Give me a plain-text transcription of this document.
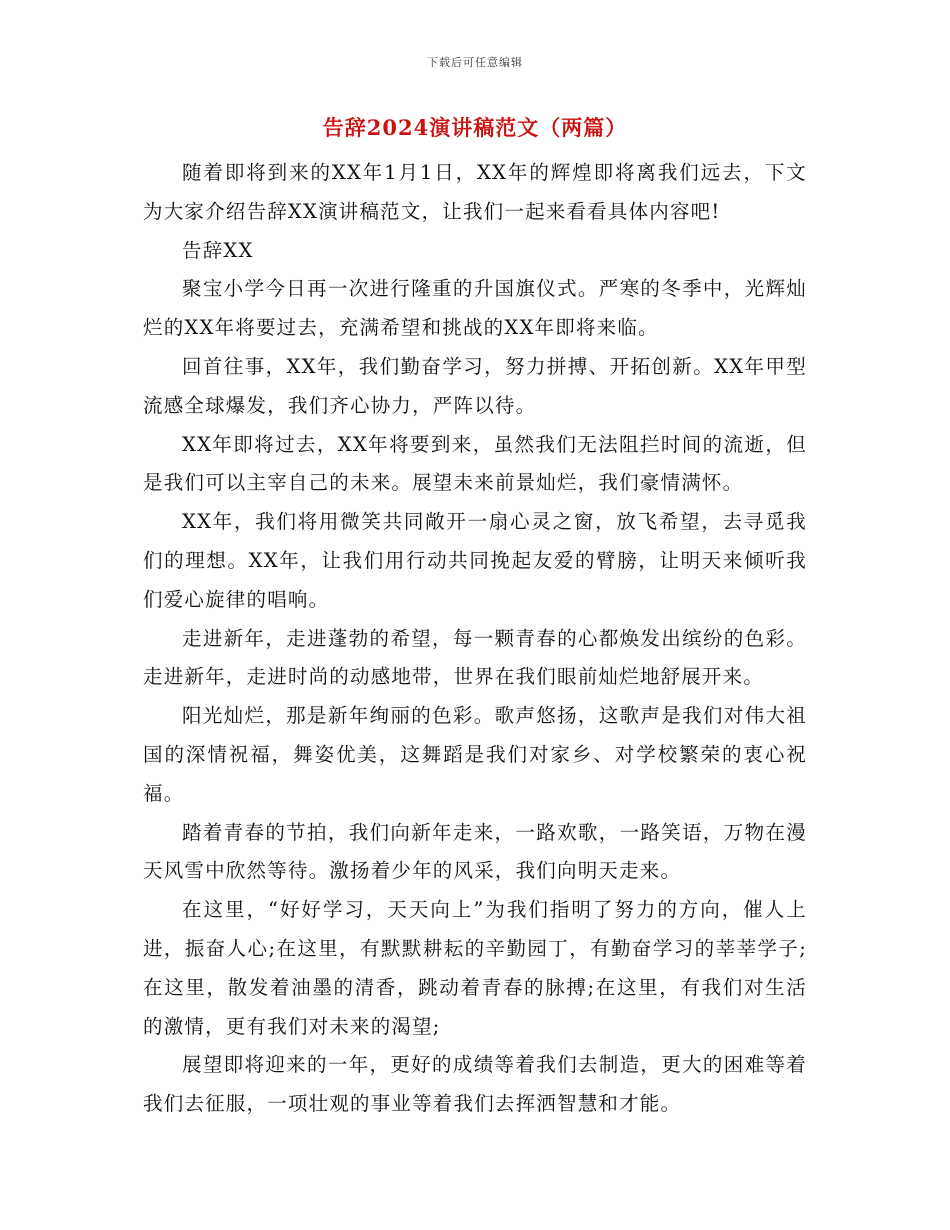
下载后可任意编辑
告辞2024演讲稿范文（两篇）

随着即将到来的XX年1月1日，XX年的辉煌即将离我们远去，下文为大家介绍告辞XX演讲稿范文，让我们一起来看看具体内容吧!

告辞XX

聚宝小学今日再一次进行隆重的升国旗仪式。严寒的冬季中，光辉灿烂的XX年将要过去，充满希望和挑战的XX年即将来临。

回首往事，XX年，我们勤奋学习，努力拼搏、开拓创新。XX年甲型流感全球爆发，我们齐心协力，严阵以待。

XX年即将过去，XX年将要到来，虽然我们无法阻拦时间的流逝，但是我们可以主宰自己的未来。展望未来前景灿烂，我们豪情满怀。

XX年，我们将用微笑共同敞开一扇心灵之窗，放飞希望，去寻觅我们的理想。XX年，让我们用行动共同挽起友爱的臂膀，让明天来倾听我们爱心旋律的唱响。

走进新年，走进蓬勃的希望，每一颗青春的心都焕发出缤纷的色彩。走进新年，走进时尚的动感地带，世界在我们眼前灿烂地舒展开来。

阳光灿烂，那是新年绚丽的色彩。歌声悠扬，这歌声是我们对伟大祖国的深情祝福，舞姿优美，这舞蹈是我们对家乡、对学校繁荣的衷心祝福。

踏着青春的节拍，我们向新年走来，一路欢歌，一路笑语，万物在漫天风雪中欣然等待。激扬着少年的风采，我们向明天走来。

在这里，“好好学习，天天向上”为我们指明了努力的方向，催人上进，振奋人心;在这里，有默默耕耘的辛勤园丁，有勤奋学习的莘莘学子;在这里，散发着油墨的清香，跳动着青春的脉搏;在这里，有我们对生活的激情，更有我们对未来的渴望;

展望即将迎来的一年，更好的成绩等着我们去制造，更大的困难等着我们去征服，一项壮观的事业等着我们去挥洒智慧和才能。
